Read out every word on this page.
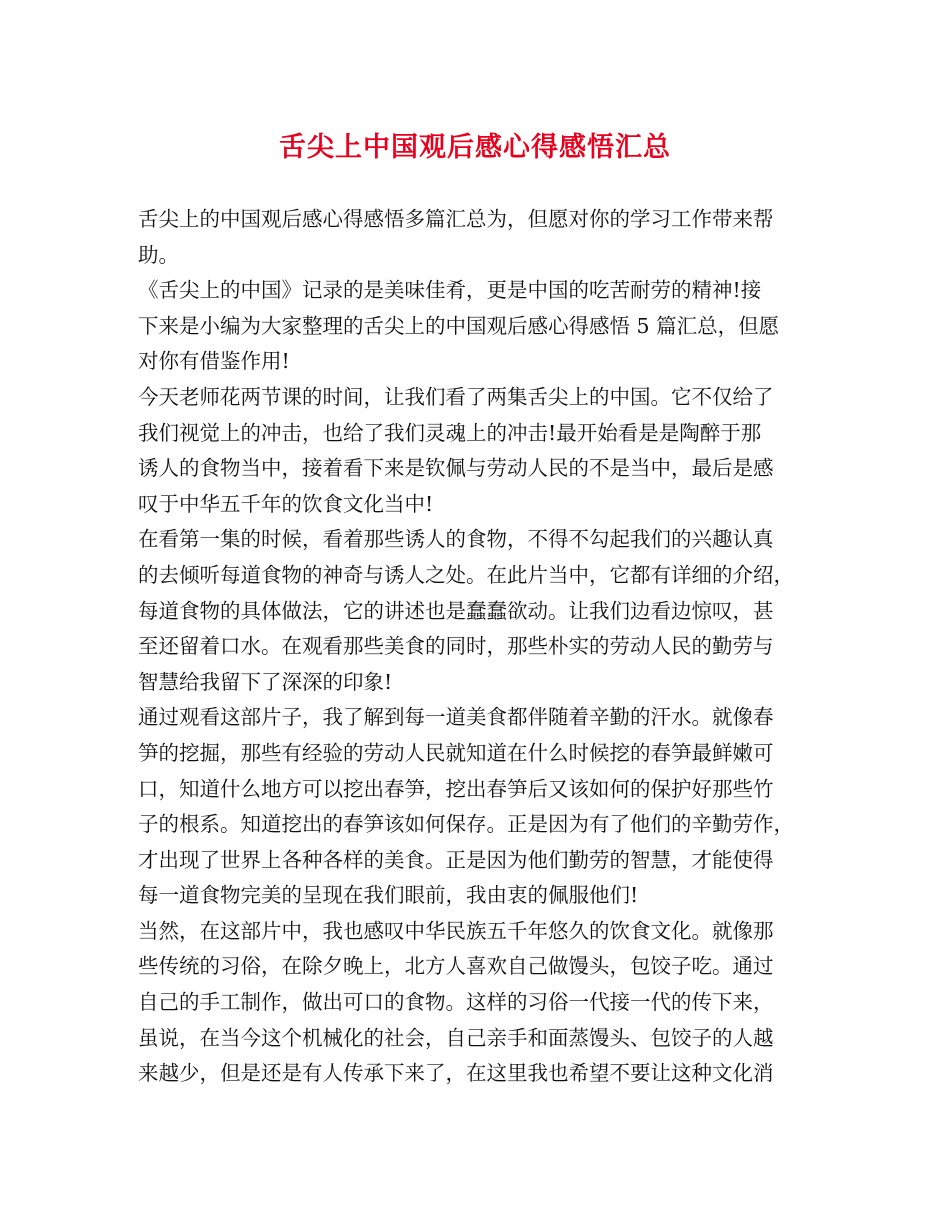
舌尖上中国观后感心得感悟汇总
舌尖上的中国观后感心得感悟多篇汇总为，但愿对你的学习工作带来帮
助。
《舌尖上的中国》记录的是美味佳肴，更是中国的吃苦耐劳的精神!接
下来是小编为大家整理的舌尖上的中国观后感心得感悟 5 篇汇总，但愿
对你有借鉴作用!
今天老师花两节课的时间，让我们看了两集舌尖上的中国。它不仅给了
我们视觉上的冲击，也给了我们灵魂上的冲击!最开始看是是陶醉于那
诱人的食物当中，接着看下来是钦佩与劳动人民的不是当中，最后是感
叹于中华五千年的饮食文化当中!
在看第一集的时候，看着那些诱人的食物，不得不勾起我们的兴趣认真
的去倾听每道食物的神奇与诱人之处。在此片当中，它都有详细的介绍，
每道食物的具体做法，它的讲述也是蠢蠢欲动。让我们边看边惊叹，甚
至还留着口水。在观看那些美食的同时，那些朴实的劳动人民的勤劳与
智慧给我留下了深深的印象!
通过观看这部片子，我了解到每一道美食都伴随着辛勤的汗水。就像春
笋的挖掘，那些有经验的劳动人民就知道在什么时候挖的春笋最鲜嫩可
口，知道什么地方可以挖出春笋，挖出春笋后又该如何的保护好那些竹
子的根系。知道挖出的春笋该如何保存。正是因为有了他们的辛勤劳作，
才出现了世界上各种各样的美食。正是因为他们勤劳的智慧，才能使得
每一道食物完美的呈现在我们眼前，我由衷的佩服他们!
当然，在这部片中，我也感叹中华民族五千年悠久的饮食文化。就像那
些传统的习俗，在除夕晚上，北方人喜欢自己做馒头，包饺子吃。通过
自己的手工制作，做出可口的食物。这样的习俗一代接一代的传下来，
虽说，在当今这个机械化的社会，自己亲手和面蒸馒头、包饺子的人越
来越少，但是还是有人传承下来了，在这里我也希望不要让这种文化消
